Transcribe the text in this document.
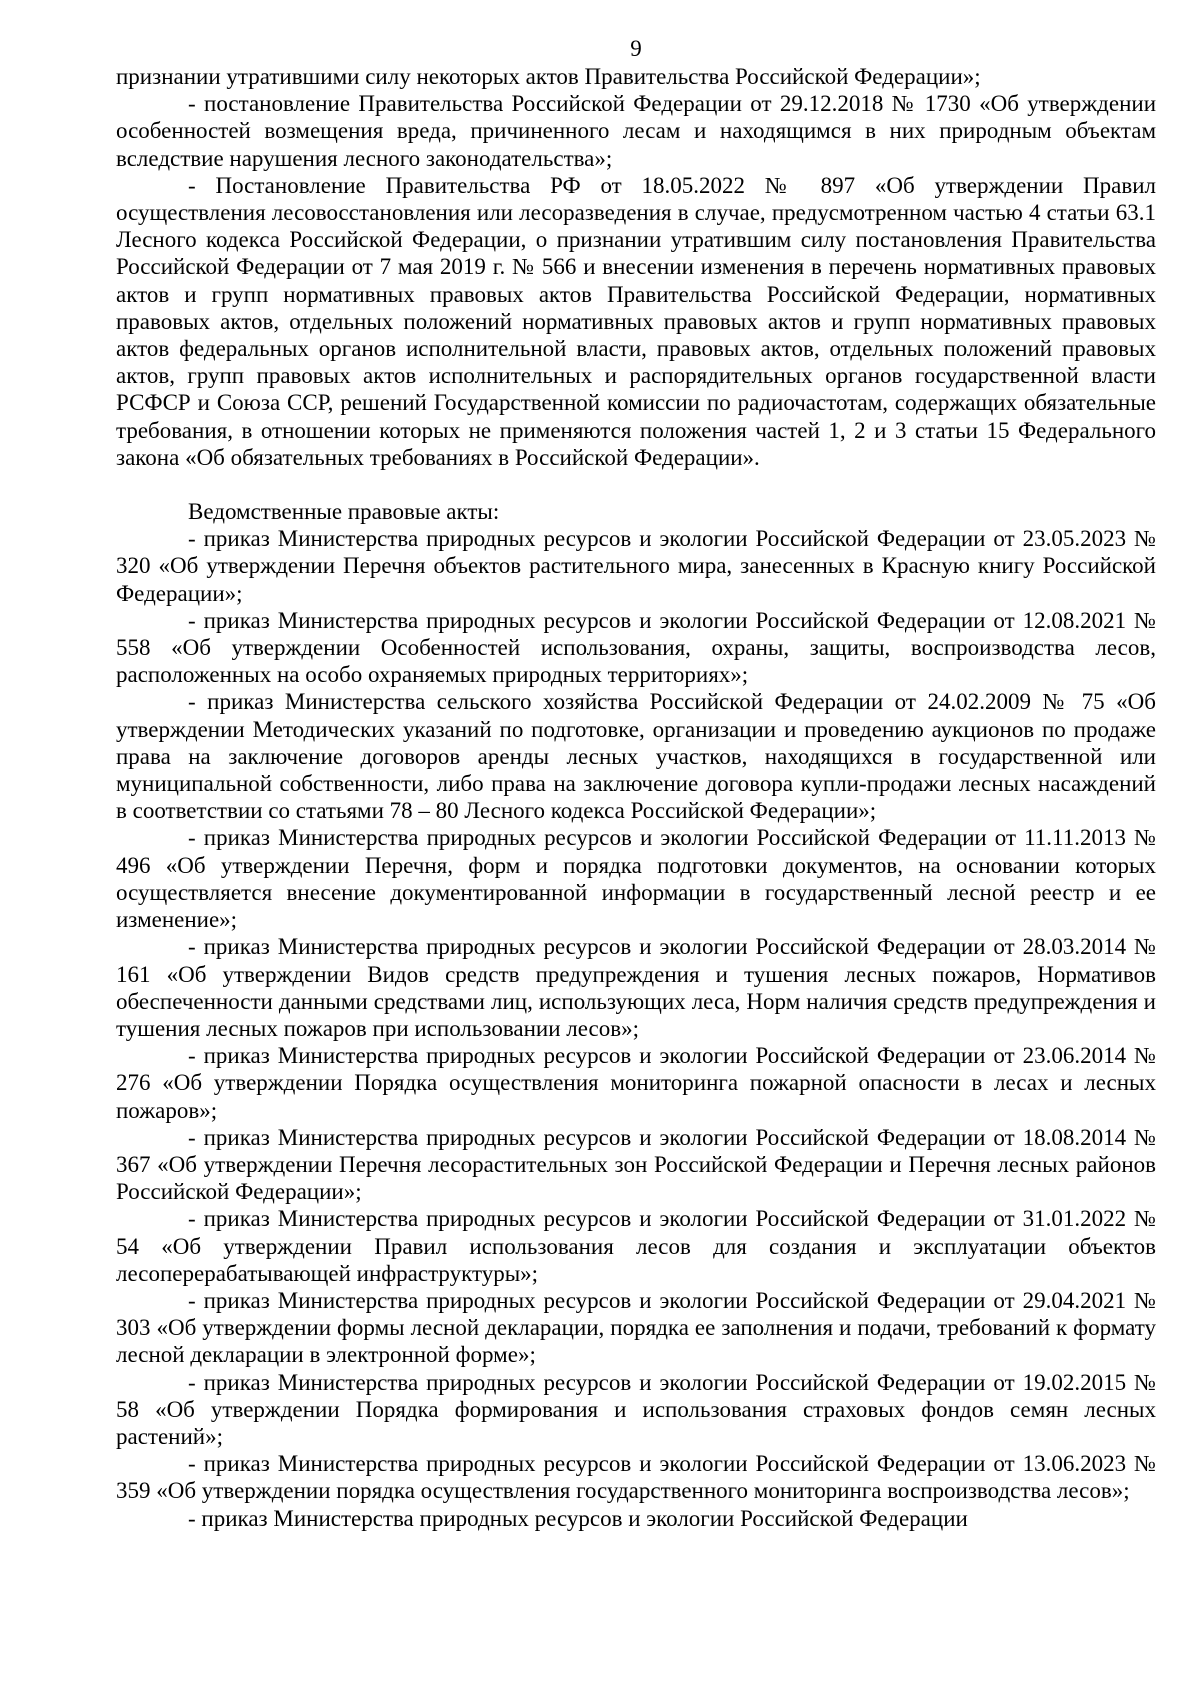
9

признании утратившими силу некоторых актов Правительства Российской Федерации»;

- постановление Правительства Российской Федерации от 29.12.2018 № 1730 «Об утверждении особенностей возмещения вреда, причиненного лесам и находящимся в них природным объектам вследствие нарушения лесного законодательства»;

- Постановление Правительства РФ от 18.05.2022 № 897 «Об утверждении Правил осуществления лесовосстановления или лесоразведения в случае, предусмотренном частью 4 статьи 63.1 Лесного кодекса Российской Федерации, о признании утратившим силу постановления Правительства Российской Федерации от 7 мая 2019 г. № 566 и внесении изменения в перечень нормативных правовых актов и групп нормативных правовых актов Правительства Российской Федерации, нормативных правовых актов, отдельных положений нормативных правовых актов и групп нормативных правовых актов федеральных органов исполнительной власти, правовых актов, отдельных положений правовых актов, групп правовых актов исполнительных и распорядительных органов государственной власти РСФСР и Союза ССР, решений Государственной комиссии по радиочастотам, содержащих обязательные требования, в отношении которых не применяются положения частей 1, 2 и 3 статьи 15 Федерального закона «Об обязательных требованиях в Российской Федерации».

Ведомственные правовые акты:

- приказ Министерства природных ресурсов и экологии Российской Федерации от 23.05.2023 № 320 «Об утверждении Перечня объектов растительного мира, занесенных в Красную книгу Российской Федерации»;

- приказ Министерства природных ресурсов и экологии Российской Федерации от 12.08.2021 № 558 «Об утверждении Особенностей использования, охраны, защиты, воспроизводства лесов, расположенных на особо охраняемых природных территориях»;

- приказ Министерства сельского хозяйства Российской Федерации от 24.02.2009 № 75 «Об утверждении Методических указаний по подготовке, организации и проведению аукционов по продаже права на заключение договоров аренды лесных участков, находящихся в государственной или муниципальной собственности, либо права на заключение договора купли-продажи лесных насаждений в соответствии со статьями 78 – 80 Лесного кодекса Российской Федерации»;

- приказ Министерства природных ресурсов и экологии Российской Федерации от 11.11.2013 № 496 «Об утверждении Перечня, форм и порядка подготовки документов, на основании которых осуществляется внесение документированной информации в государственный лесной реестр и ее изменение»;

- приказ Министерства природных ресурсов и экологии Российской Федерации от 28.03.2014 № 161 «Об утверждении Видов средств предупреждения и тушения лесных пожаров, Нормативов обеспеченности данными средствами лиц, использующих леса, Норм наличия средств предупреждения и тушения лесных пожаров при использовании лесов»;

- приказ Министерства природных ресурсов и экологии Российской Федерации от 23.06.2014 № 276 «Об утверждении Порядка осуществления мониторинга пожарной опасности в лесах и лесных пожаров»;

- приказ Министерства природных ресурсов и экологии Российской Федерации от 18.08.2014 № 367 «Об утверждении Перечня лесорастительных зон Российской Федерации и Перечня лесных районов Российской Федерации»;

- приказ Министерства природных ресурсов и экологии Российской Федерации от 31.01.2022 № 54 «Об утверждении Правил использования лесов для создания и эксплуатации объектов лесоперерабатывающей инфраструктуры»;

- приказ Министерства природных ресурсов и экологии Российской Федерации от 29.04.2021 № 303 «Об утверждении формы лесной декларации, порядка ее заполнения и подачи, требований к формату лесной декларации в электронной форме»;

- приказ Министерства природных ресурсов и экологии Российской Федерации от 19.02.2015 № 58 «Об утверждении Порядка формирования и использования страховых фондов семян лесных растений»;

- приказ Министерства природных ресурсов и экологии Российской Федерации от 13.06.2023 № 359 «Об утверждении порядка осуществления государственного мониторинга воспроизводства лесов»;

- приказ Министерства природных ресурсов и экологии Российской Федерации
